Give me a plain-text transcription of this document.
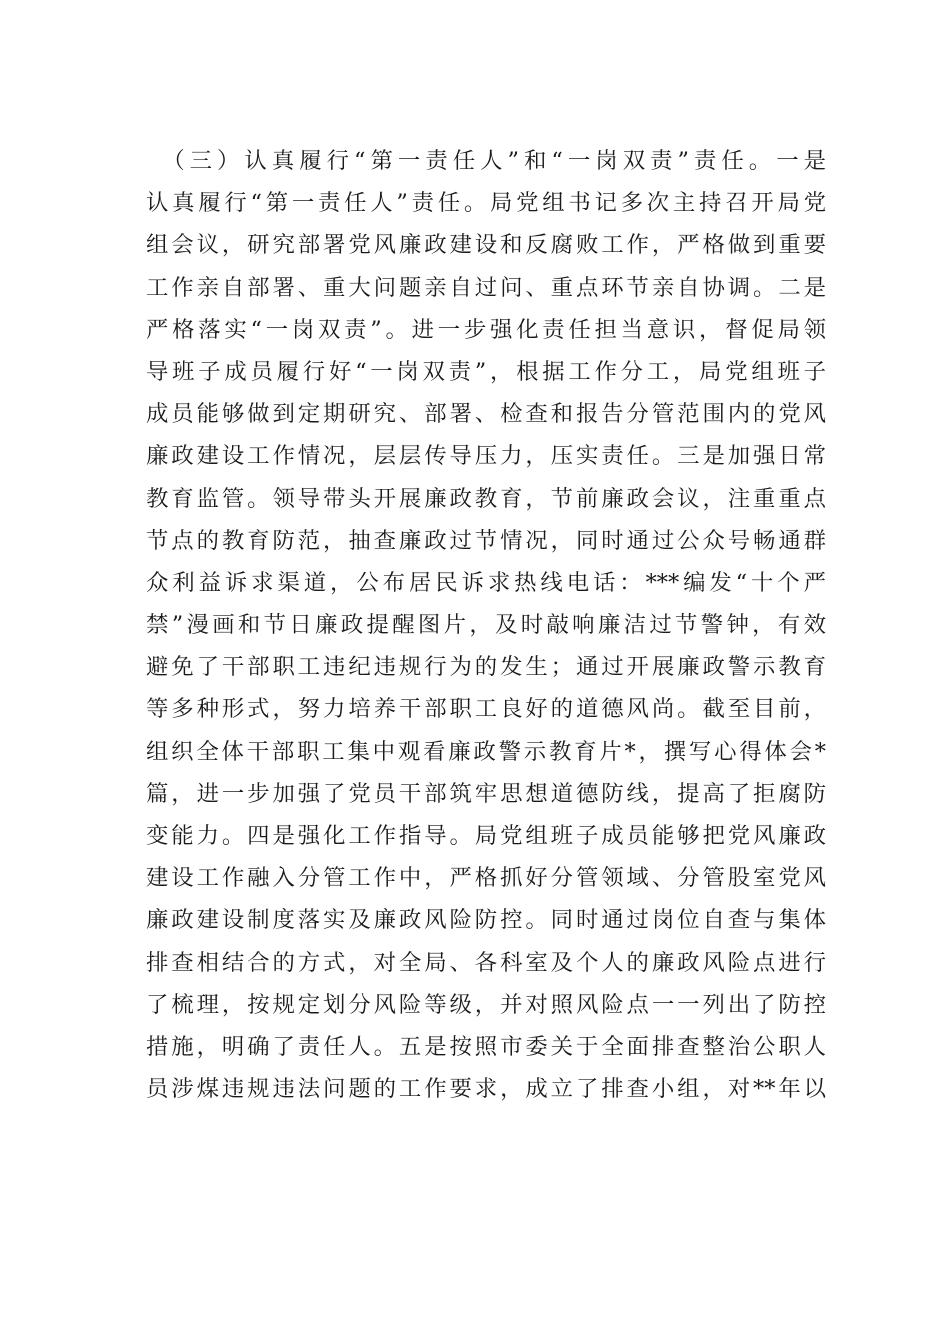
　（三）认真履行“第一责任人”和“一岗双责”责任。一是
认真履行“第一责任人”责任。局党组书记多次主持召开局党
组会议，研究部署党风廉政建设和反腐败工作，严格做到重要
工作亲自部署、重大问题亲自过问、重点环节亲自协调。二是
严格落实“一岗双责”。进一步强化责任担当意识，督促局领
导班子成员履行好“一岗双责”，根据工作分工，局党组班子
成员能够做到定期研究、部署、检查和报告分管范围内的党风
廉政建设工作情况，层层传导压力，压实责任。三是加强日常
教育监管。领导带头开展廉政教育，节前廉政会议，注重重点
节点的教育防范，抽查廉政过节情况，同时通过公众号畅通群
众利益诉求渠道，公布居民诉求热线电话：***编发“十个严
禁”漫画和节日廉政提醒图片，及时敲响廉洁过节警钟，有效
避免了干部职工违纪违规行为的发生；通过开展廉政警示教育
等多种形式，努力培养干部职工良好的道德风尚。截至目前，
组织全体干部职工集中观看廉政警示教育片*，撰写心得体会*
篇，进一步加强了党员干部筑牢思想道德防线，提高了拒腐防
变能力。四是强化工作指导。局党组班子成员能够把党风廉政
建设工作融入分管工作中，严格抓好分管领域、分管股室党风
廉政建设制度落实及廉政风险防控。同时通过岗位自查与集体
排查相结合的方式，对全局、各科室及个人的廉政风险点进行
了梳理，按规定划分风险等级，并对照风险点一一列出了防控
措施，明确了责任人。五是按照市委关于全面排查整治公职人
员涉煤违规违法问题的工作要求，成立了排查小组，对**年以
